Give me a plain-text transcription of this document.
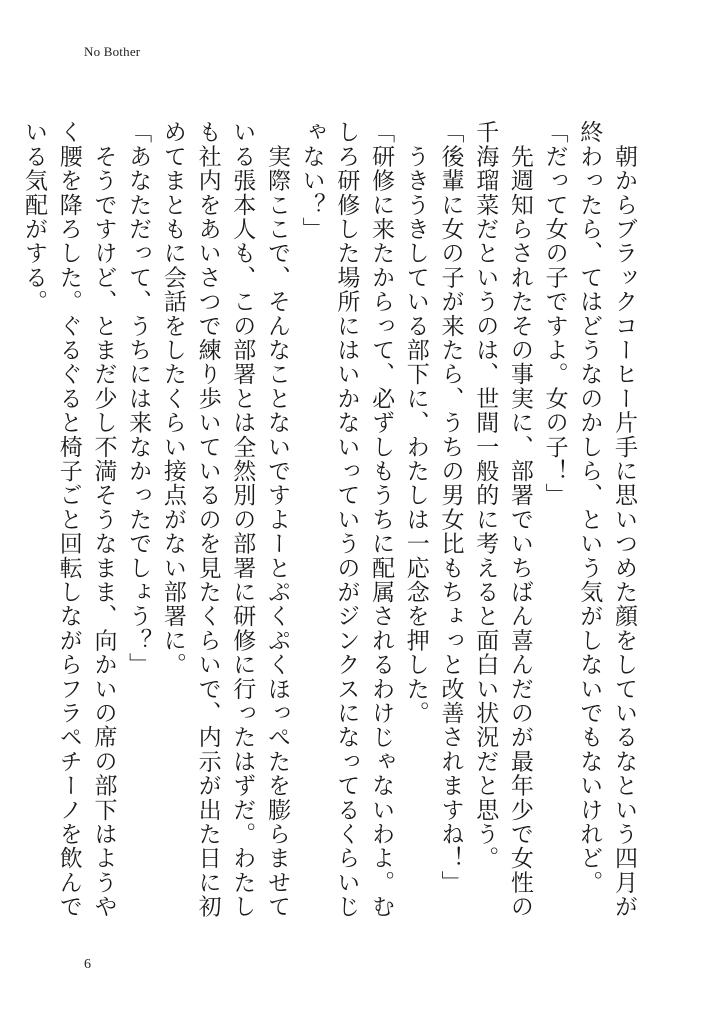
No Bother

　朝からブラックコーヒー片手に思いつめた顔をしているなという四月が終わったら、てはどうなのかしら、という気がしないでもないけれど。

「だって女の子ですよ。女の子！」

　先週知らされたその事実に、部署でいちばん喜んだのが最年少で女性の千海瑠菜だというのは、世間一般的に考えると面白い状況だと思う。

「後輩に女の子が来たら、うちの男女比もちょっと改善されますね！」

　うきうきしている部下に、わたしは一応念を押した。

「研修に来たからって、必ずしもうちに配属されるわけじゃないわよ。むしろ研修した場所にはいかないっていうのがジンクスになってるくらいじゃない？」

　実際ここで、そんなことないですよーとぷくぷくほっぺたを膨らませている張本人も、この部署とは全然別の部署に研修に行ったはずだ。わたしも社内をあいさつで練り歩いているのを見たくらいで、内示が出た日に初めてまともに会話をしたくらい接点がない部署に。

「あなただって、うちには来なかったでしょう？」

　そうですけど、とまだ少し不満そうなまま、向かいの席の部下はようやく腰を降ろした。ぐるぐると椅子ごと回転しながらフラペチーノを飲んでいる気配がする。

6
